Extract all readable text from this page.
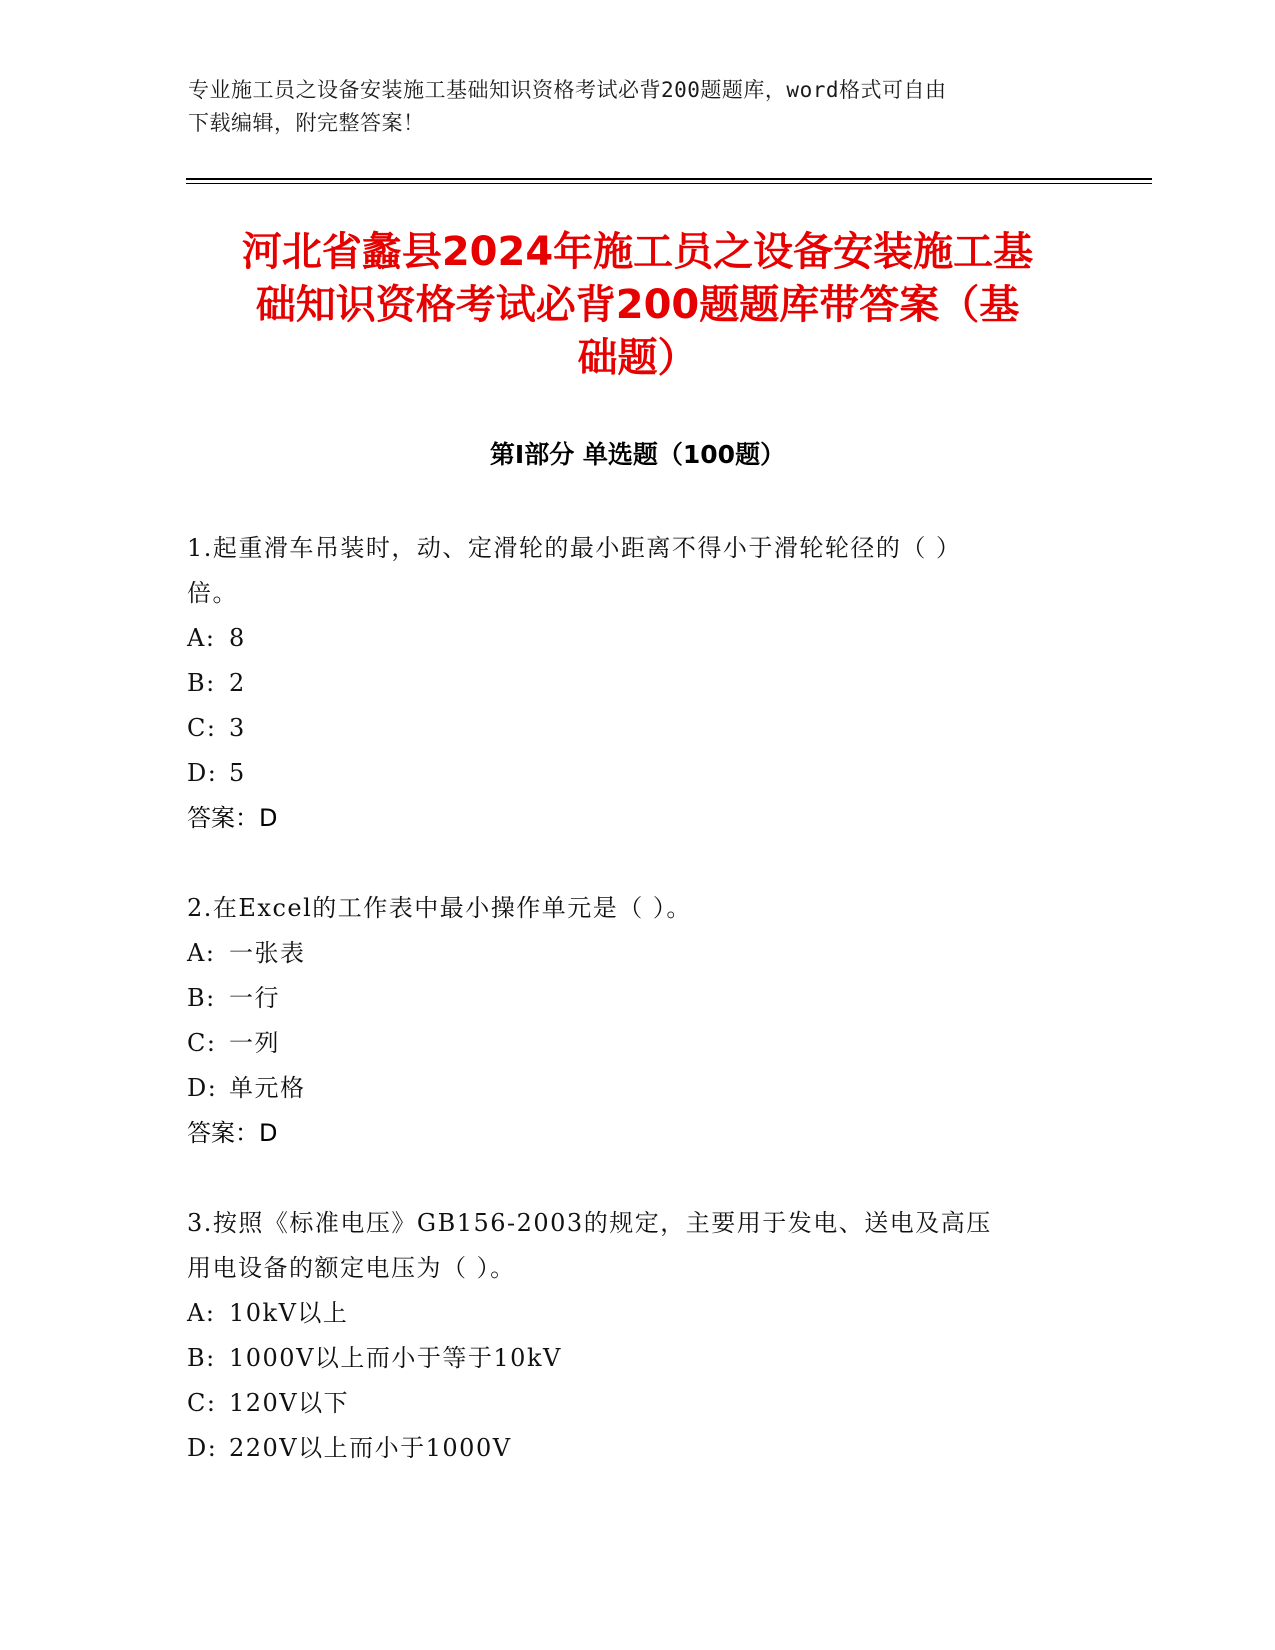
专业施工员之设备安装施工基础知识资格考试必背200题题库，word格式可自由
下载编辑，附完整答案！
河北省蠡县2024年施工员之设备安装施工基
础知识资格考试必背200题题库带答案（基
础题）
第I部分 单选题（100题）

1.起重滑车吊装时，动、定滑轮的最小距离不得小于滑轮轮径的（ ）

倍。

A: 8

B: 2

C: 3

D: 5

答案：D

2.在Excel的工作表中最小操作单元是（ ）。

A: 一张表

B: 一行

C: 一列

D: 单元格

答案：D

3.按照《标准电压》GB156-2003的规定，主要用于发电、送电及高压

用电设备的额定电压为（ ）。

A: 10kV以上

B: 1000V以上而小于等于10kV

C: 120V以下

D: 220V以上而小于1000V
